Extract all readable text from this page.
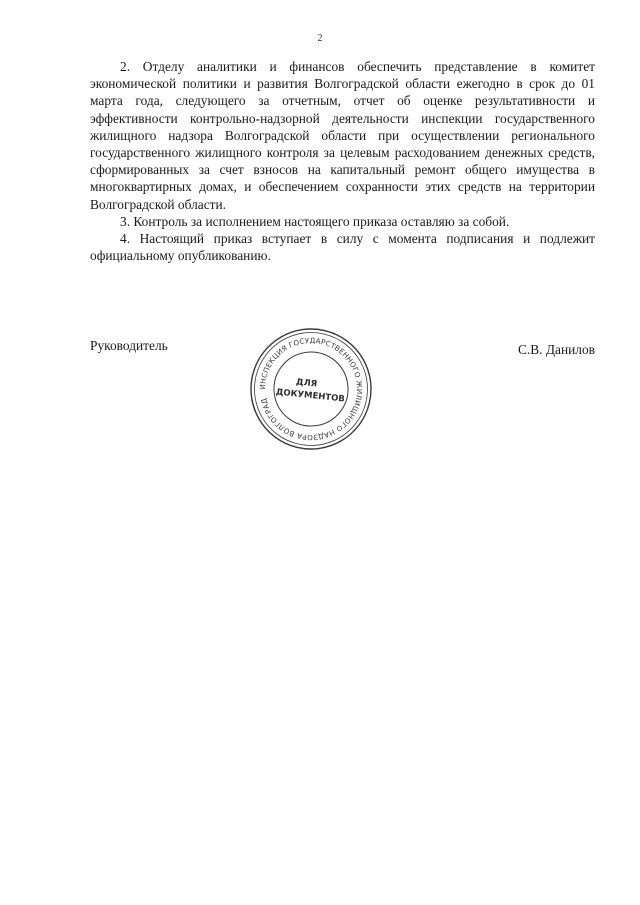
2

2. Отделу аналитики и финансов обеспечить представление в комитет экономической политики и развития Волгоградской области ежегодно в срок до 01 марта года, следующего за отчетным, отчет об оценке результативности и эффективности контрольно-надзорной деятельности инспекции государственного жилищного надзора Волгоградской области при осуществлении регионального государственного жилищного контроля за целевым расходованием денежных средств, сформированных за счет взносов на капитальный ремонт общего имущества в многоквартирных домах, и обеспечением сохранности этих средств на территории Волгоградской области.

3. Контроль за исполнением настоящего приказа оставляю за собой.

4. Настоящий приказ вступает в силу с момента подписания и подлежит официальному опубликованию.

Руководитель	С.В. Данилов
ИНСПЕКЦИЯ ГОСУДАРСТВЕННОГО ЖИЛИЩНОГО НАДЗОРА ВОЛГОГРАДСКОЙ
ДЛЯ
ДОКУМЕНТОВ
